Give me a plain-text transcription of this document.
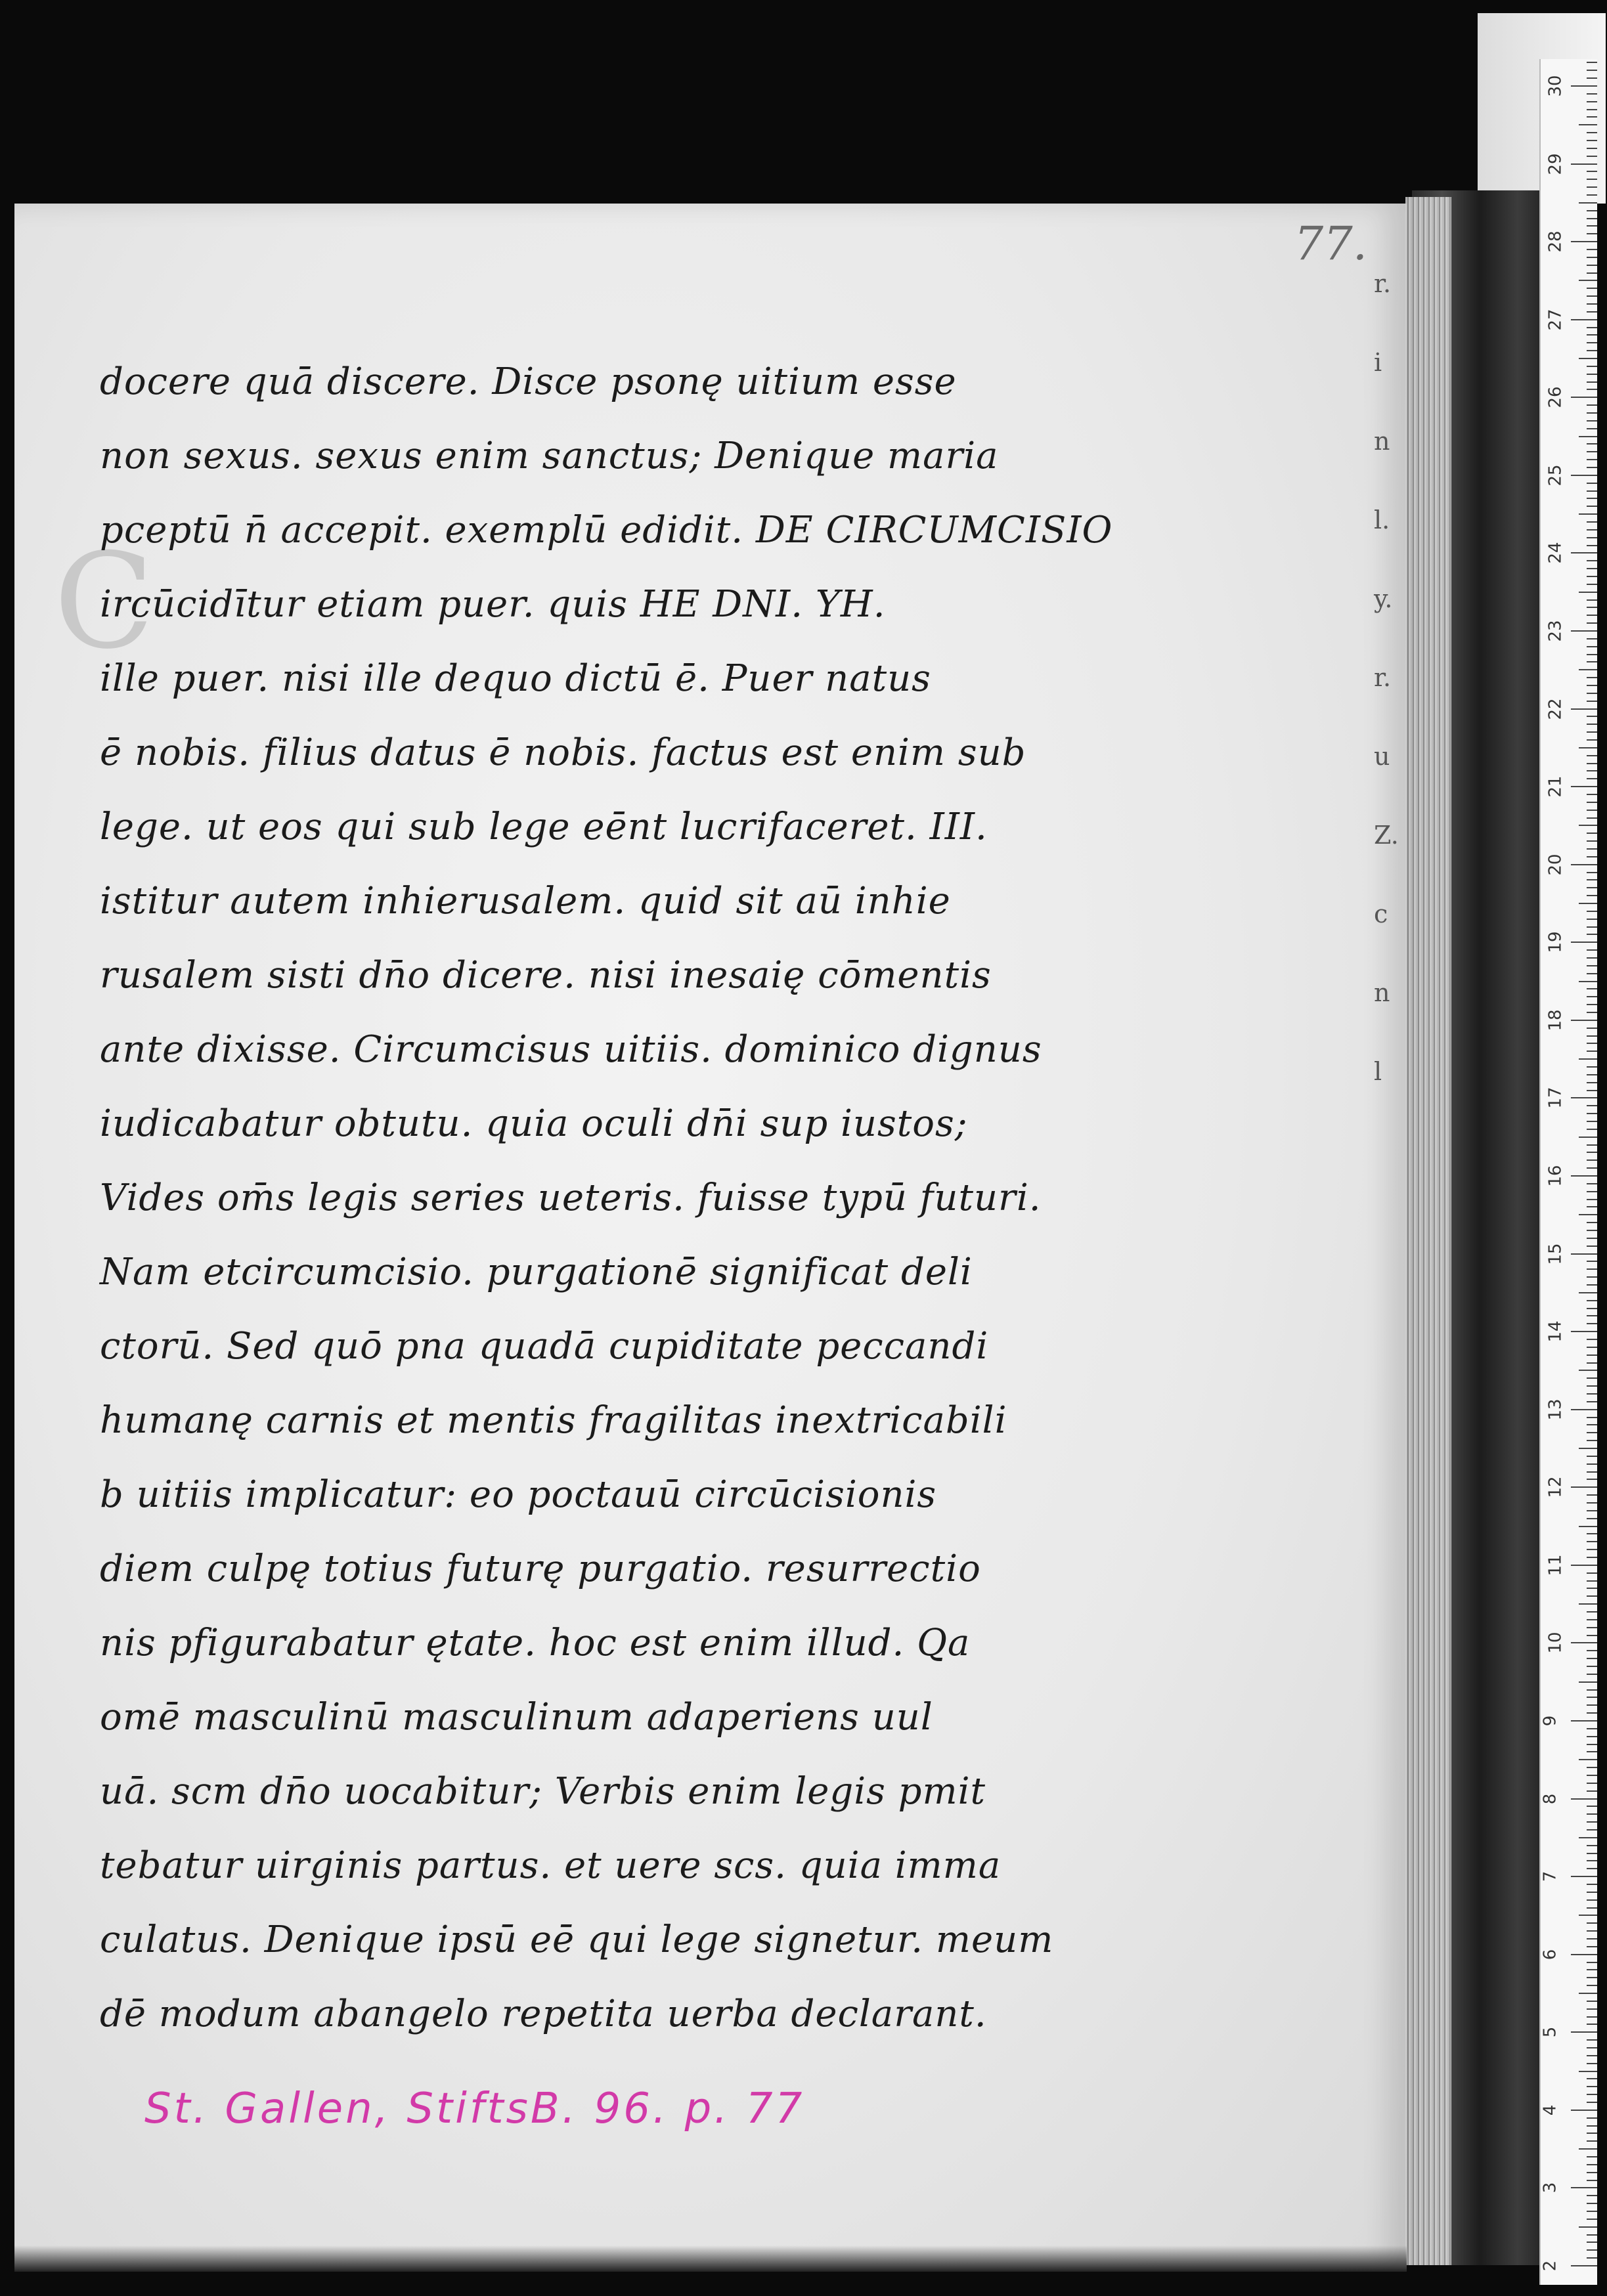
77.
C
docere quā discere. Disce psonę uitium esse
non sexus. sexus enim sanctus; Denique maria
pceptū n̄ accepit. exemplū edidit. DE CIRCUMCISIO
ircūcidītur etiam puer. quis HE DNI. YH.
ille puer. nisi ille dequo dictū ē. Puer natus
ē nobis. filius datus ē nobis. factus est enim sub
lege. ut eos qui sub lege eēnt lucrifaceret. III.
istitur autem inhierusalem. quid sit aū inhie
rusalem sisti dn̄o dicere. nisi inesaię cōmentis
ante dixisse. Circumcisus uitiis. dominico dignus
iudicabatur obtutu. quia oculi dn̄i sup iustos;
Vides om̄s legis series ueteris. fuisse typū futuri.
Nam etcircumcisio. purgationē significat deli
ctorū. Sed quō pna quadā cupiditate peccandi
humanę carnis et mentis fragilitas inextricabili
b uitiis implicatur: eo poctauū circūcisionis
diem culpę totius futurę purgatio. resurrectio
nis pfigurabatur ętate. hoc est enim illud. Qa
omē masculinū masculinum adaperiens uul
uā. scm dn̄o uocabitur; Verbis enim legis pmit
tebatur uirginis partus. et uere scs. quia imma
culatus. Denique ipsū eē qui lege signetur. meum
dē modum abangelo repetita uerba declarant.
r.
i
n
l.
y.
r.
u
Z.
c
n
l
2
3
4
5
6
7
8
9
10
11
12
13
14
15
16
17
18
19
20
21
22
23
24
25
26
27
28
29
30
St. Gallen, StiftsB. 96. p. 77
